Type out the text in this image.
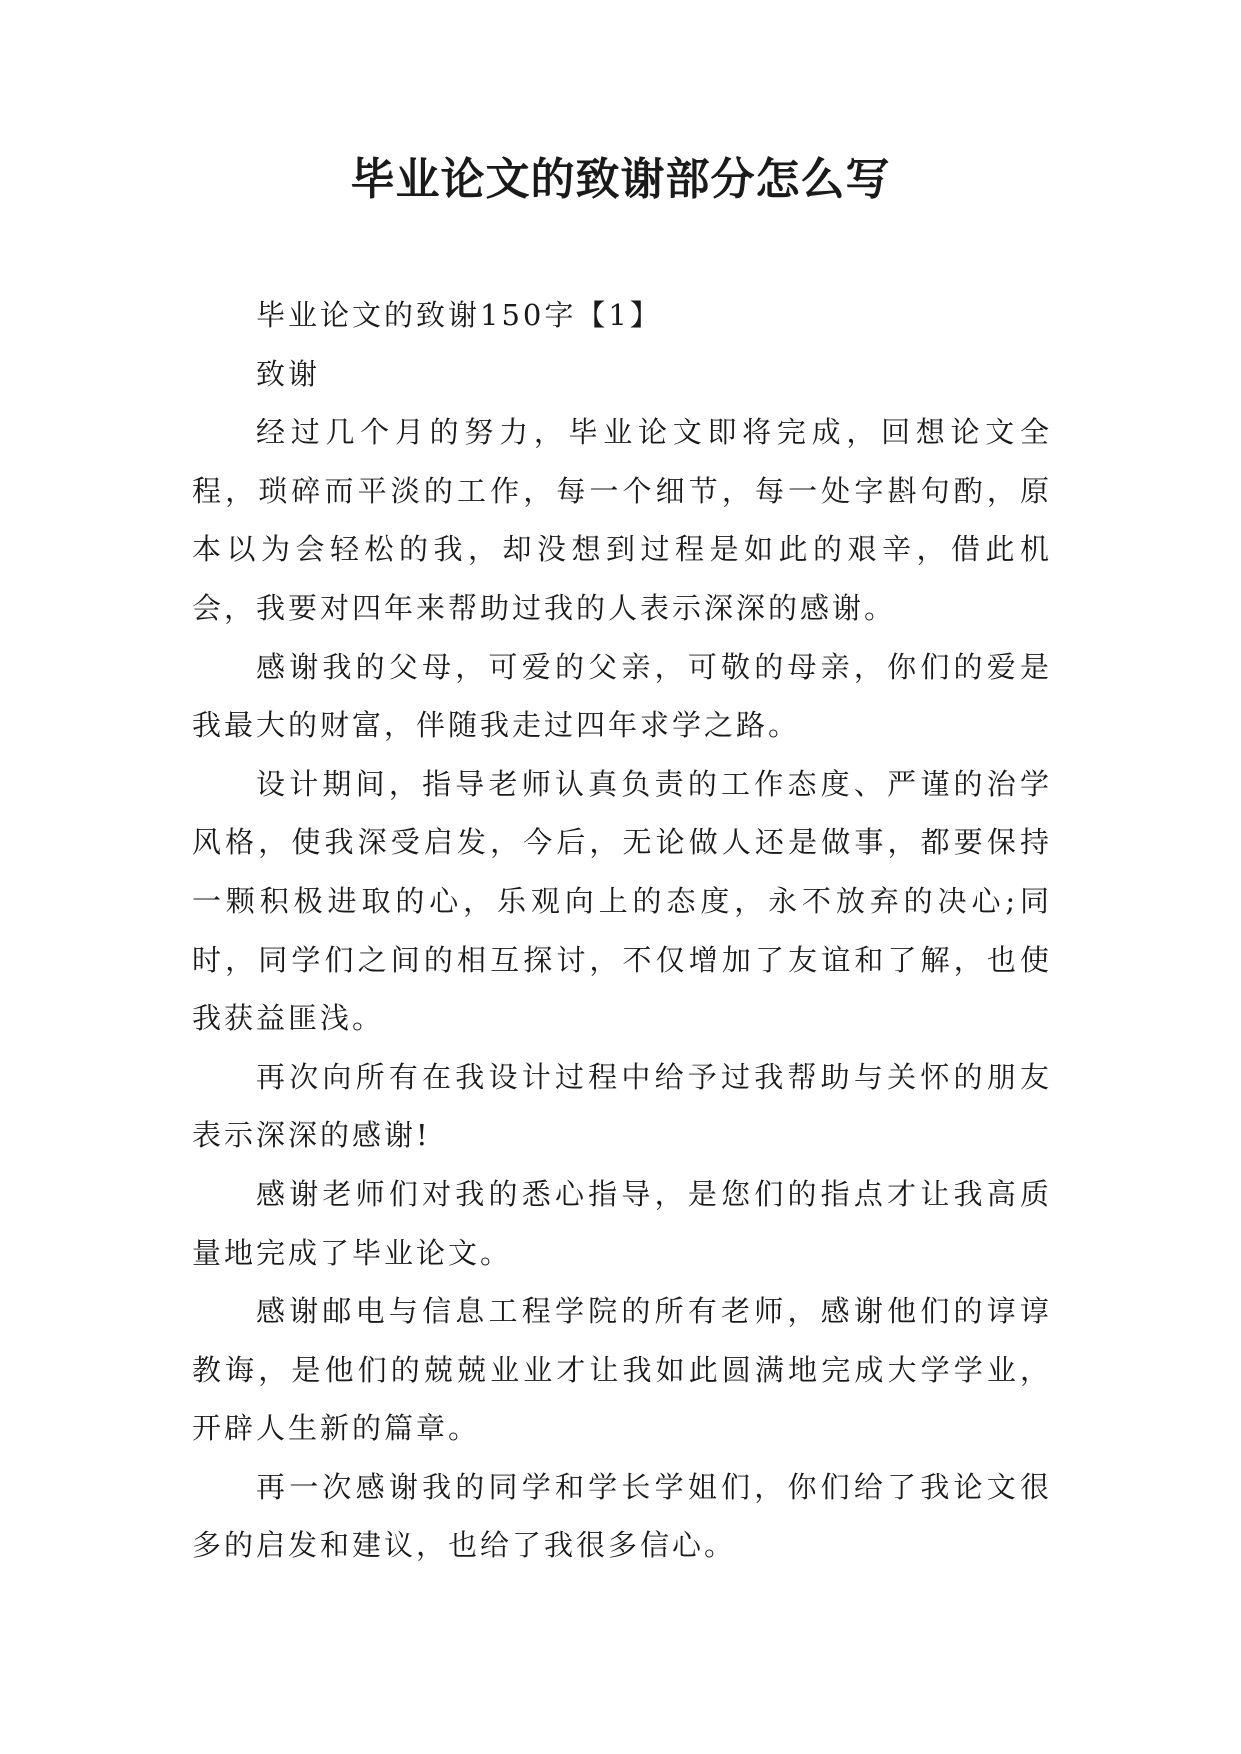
毕业论文的致谢部分怎么写

毕业论文的致谢150字【1】

致谢

经过几个月的努力，毕业论文即将完成，回想论文全程，琐碎而平淡的工作，每一个细节，每一处字斟句酌，原本以为会轻松的我，却没想到过程是如此的艰辛，借此机会，我要对四年来帮助过我的人表示深深的感谢。

感谢我的父母，可爱的父亲，可敬的母亲，你们的爱是我最大的财富，伴随我走过四年求学之路。

设计期间，指导老师认真负责的工作态度、严谨的治学风格，使我深受启发，今后，无论做人还是做事，都要保持一颗积极进取的心，乐观向上的态度，永不放弃的决心;同时，同学们之间的相互探讨，不仅增加了友谊和了解，也使我获益匪浅。

再次向所有在我设计过程中给予过我帮助与关怀的朋友表示深深的感谢!

感谢老师们对我的悉心指导，是您们的指点才让我高质量地完成了毕业论文。

感谢邮电与信息工程学院的所有老师，感谢他们的谆谆教诲，是他们的兢兢业业才让我如此圆满地完成大学学业，开辟人生新的篇章。

再一次感谢我的同学和学长学姐们，你们给了我论文很多的启发和建议，也给了我很多信心。
